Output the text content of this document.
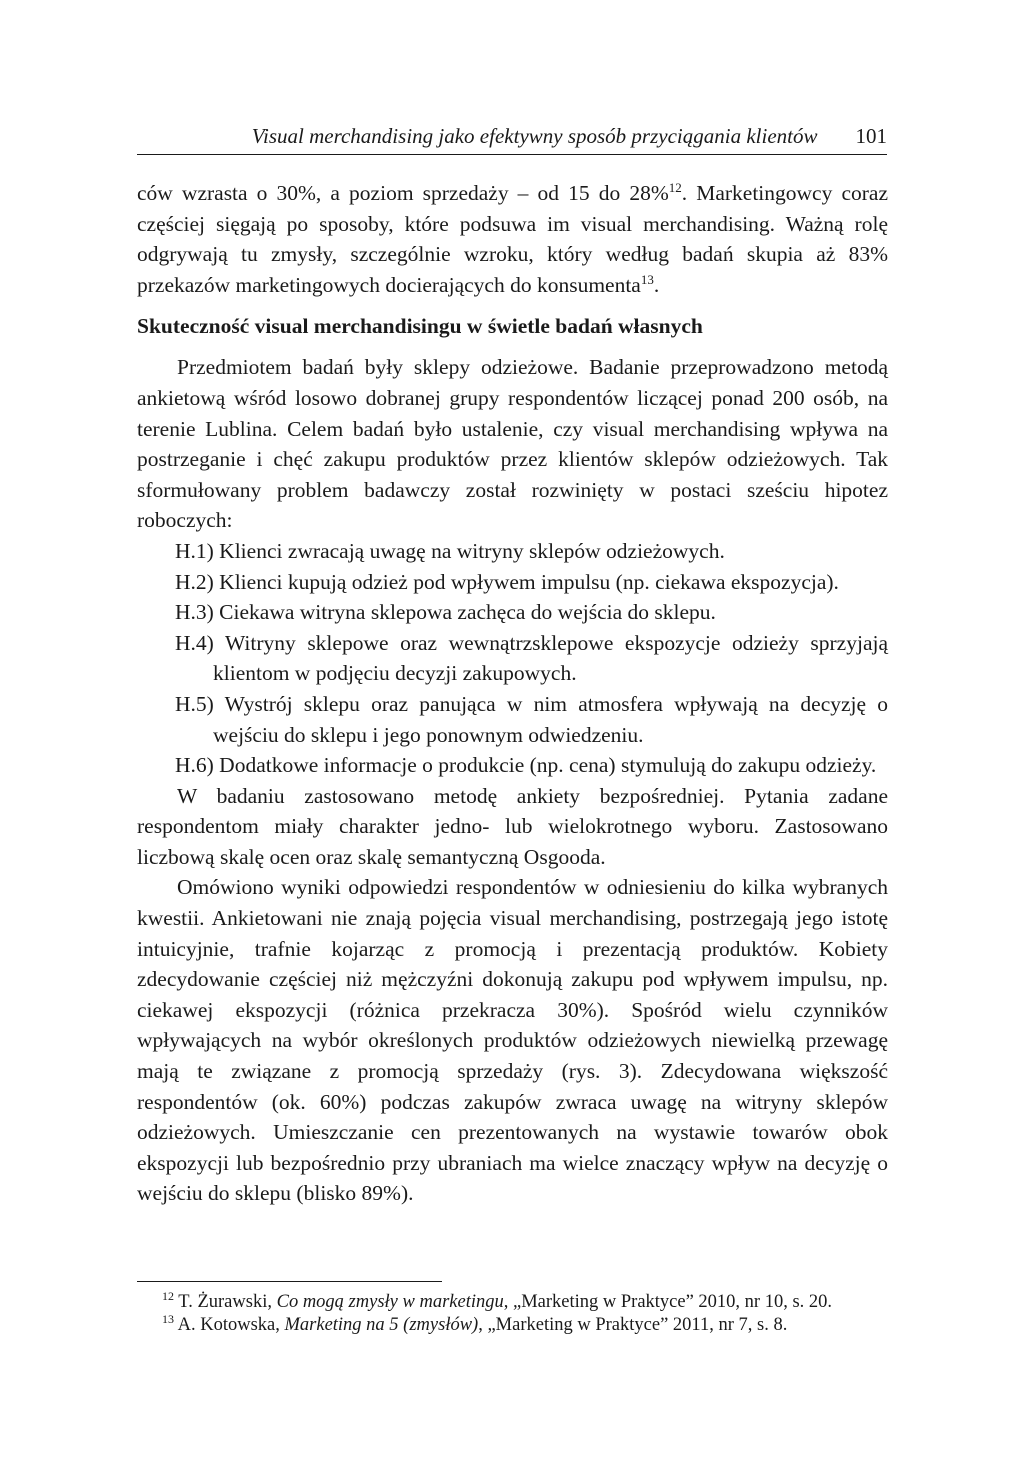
Visual merchandising jako efektywny sposób przyciągania klientów 101

ców wzrasta o 30%, a poziom sprzedaży – od 15 do 28%$^{12}$. Marketingowcy coraz częściej sięgają po sposoby, które podsuwa im visual merchandising. Ważną rolę odgrywają tu zmysły, szczególnie wzroku, który według badań skupia aż 83% przekazów marketingowych docierających do konsumenta$^{13}$.

Skuteczność visual merchandisingu w świetle badań własnych

Przedmiotem badań były sklepy odzieżowe. Badanie przeprowadzono metodą ankietową wśród losowo dobranej grupy respondentów liczącej ponad 200 osób, na terenie Lublina. Celem badań było ustalenie, czy visual merchandising wpływa na postrzeganie i chęć zakupu produktów przez klientów sklepów odzieżowych. Tak sformułowany problem badawczy został rozwinięty w postaci sześciu hipotez roboczych:

H.1) Klienci zwracają uwagę na witryny sklepów odzieżowych.

H.2) Klienci kupują odzież pod wpływem impulsu (np. ciekawa ekspozycja).

H.3) Ciekawa witryna sklepowa zachęca do wejścia do sklepu.

H.4) Witryny sklepowe oraz wewnątrzsklepowe ekspozycje odzieży sprzyjają klientom w podjęciu decyzji zakupowych.

H.5) Wystrój sklepu oraz panująca w nim atmosfera wpływają na decyzję o wejściu do sklepu i jego ponownym odwiedzeniu.

H.6) Dodatkowe informacje o produkcie (np. cena) stymulują do zakupu odzieży.

W badaniu zastosowano metodę ankiety bezpośredniej. Pytania zadane respondentom miały charakter jedno- lub wielokrotnego wyboru. Zastosowano liczbową skalę ocen oraz skalę semantyczną Osgooda.

Omówiono wyniki odpowiedzi respondentów w odniesieniu do kilka wybranych kwestii. Ankietowani nie znają pojęcia visual merchandising, postrzegają jego istotę intuicyjnie, trafnie kojarząc z promocją i prezentacją produktów. Kobiety zdecydowanie częściej niż mężczyźni dokonują zakupu pod wpływem impulsu, np. ciekawej ekspozycji (różnica przekracza 30%). Spośród wielu czynników wpływających na wybór określonych produktów odzieżowych niewielką przewagę mają te związane z promocją sprzedaży (rys. 3). Zdecydowana większość respondentów (ok. 60%) podczas zakupów zwraca uwagę na witryny sklepów odzieżowych. Umieszczanie cen prezentowanych na wystawie towarów obok ekspozycji lub bezpośrednio przy ubraniach ma wielce znaczący wpływ na decyzję o wejściu do sklepu (blisko 89%).

$^{12}$ T. Żurawski, Co mogą zmysły w marketingu, „Marketing w Praktyce” 2010, nr 10, s. 20.
$^{13}$ A. Kotowska, Marketing na 5 (zmysłów), „Marketing w Praktyce” 2011, nr 7, s. 8.
